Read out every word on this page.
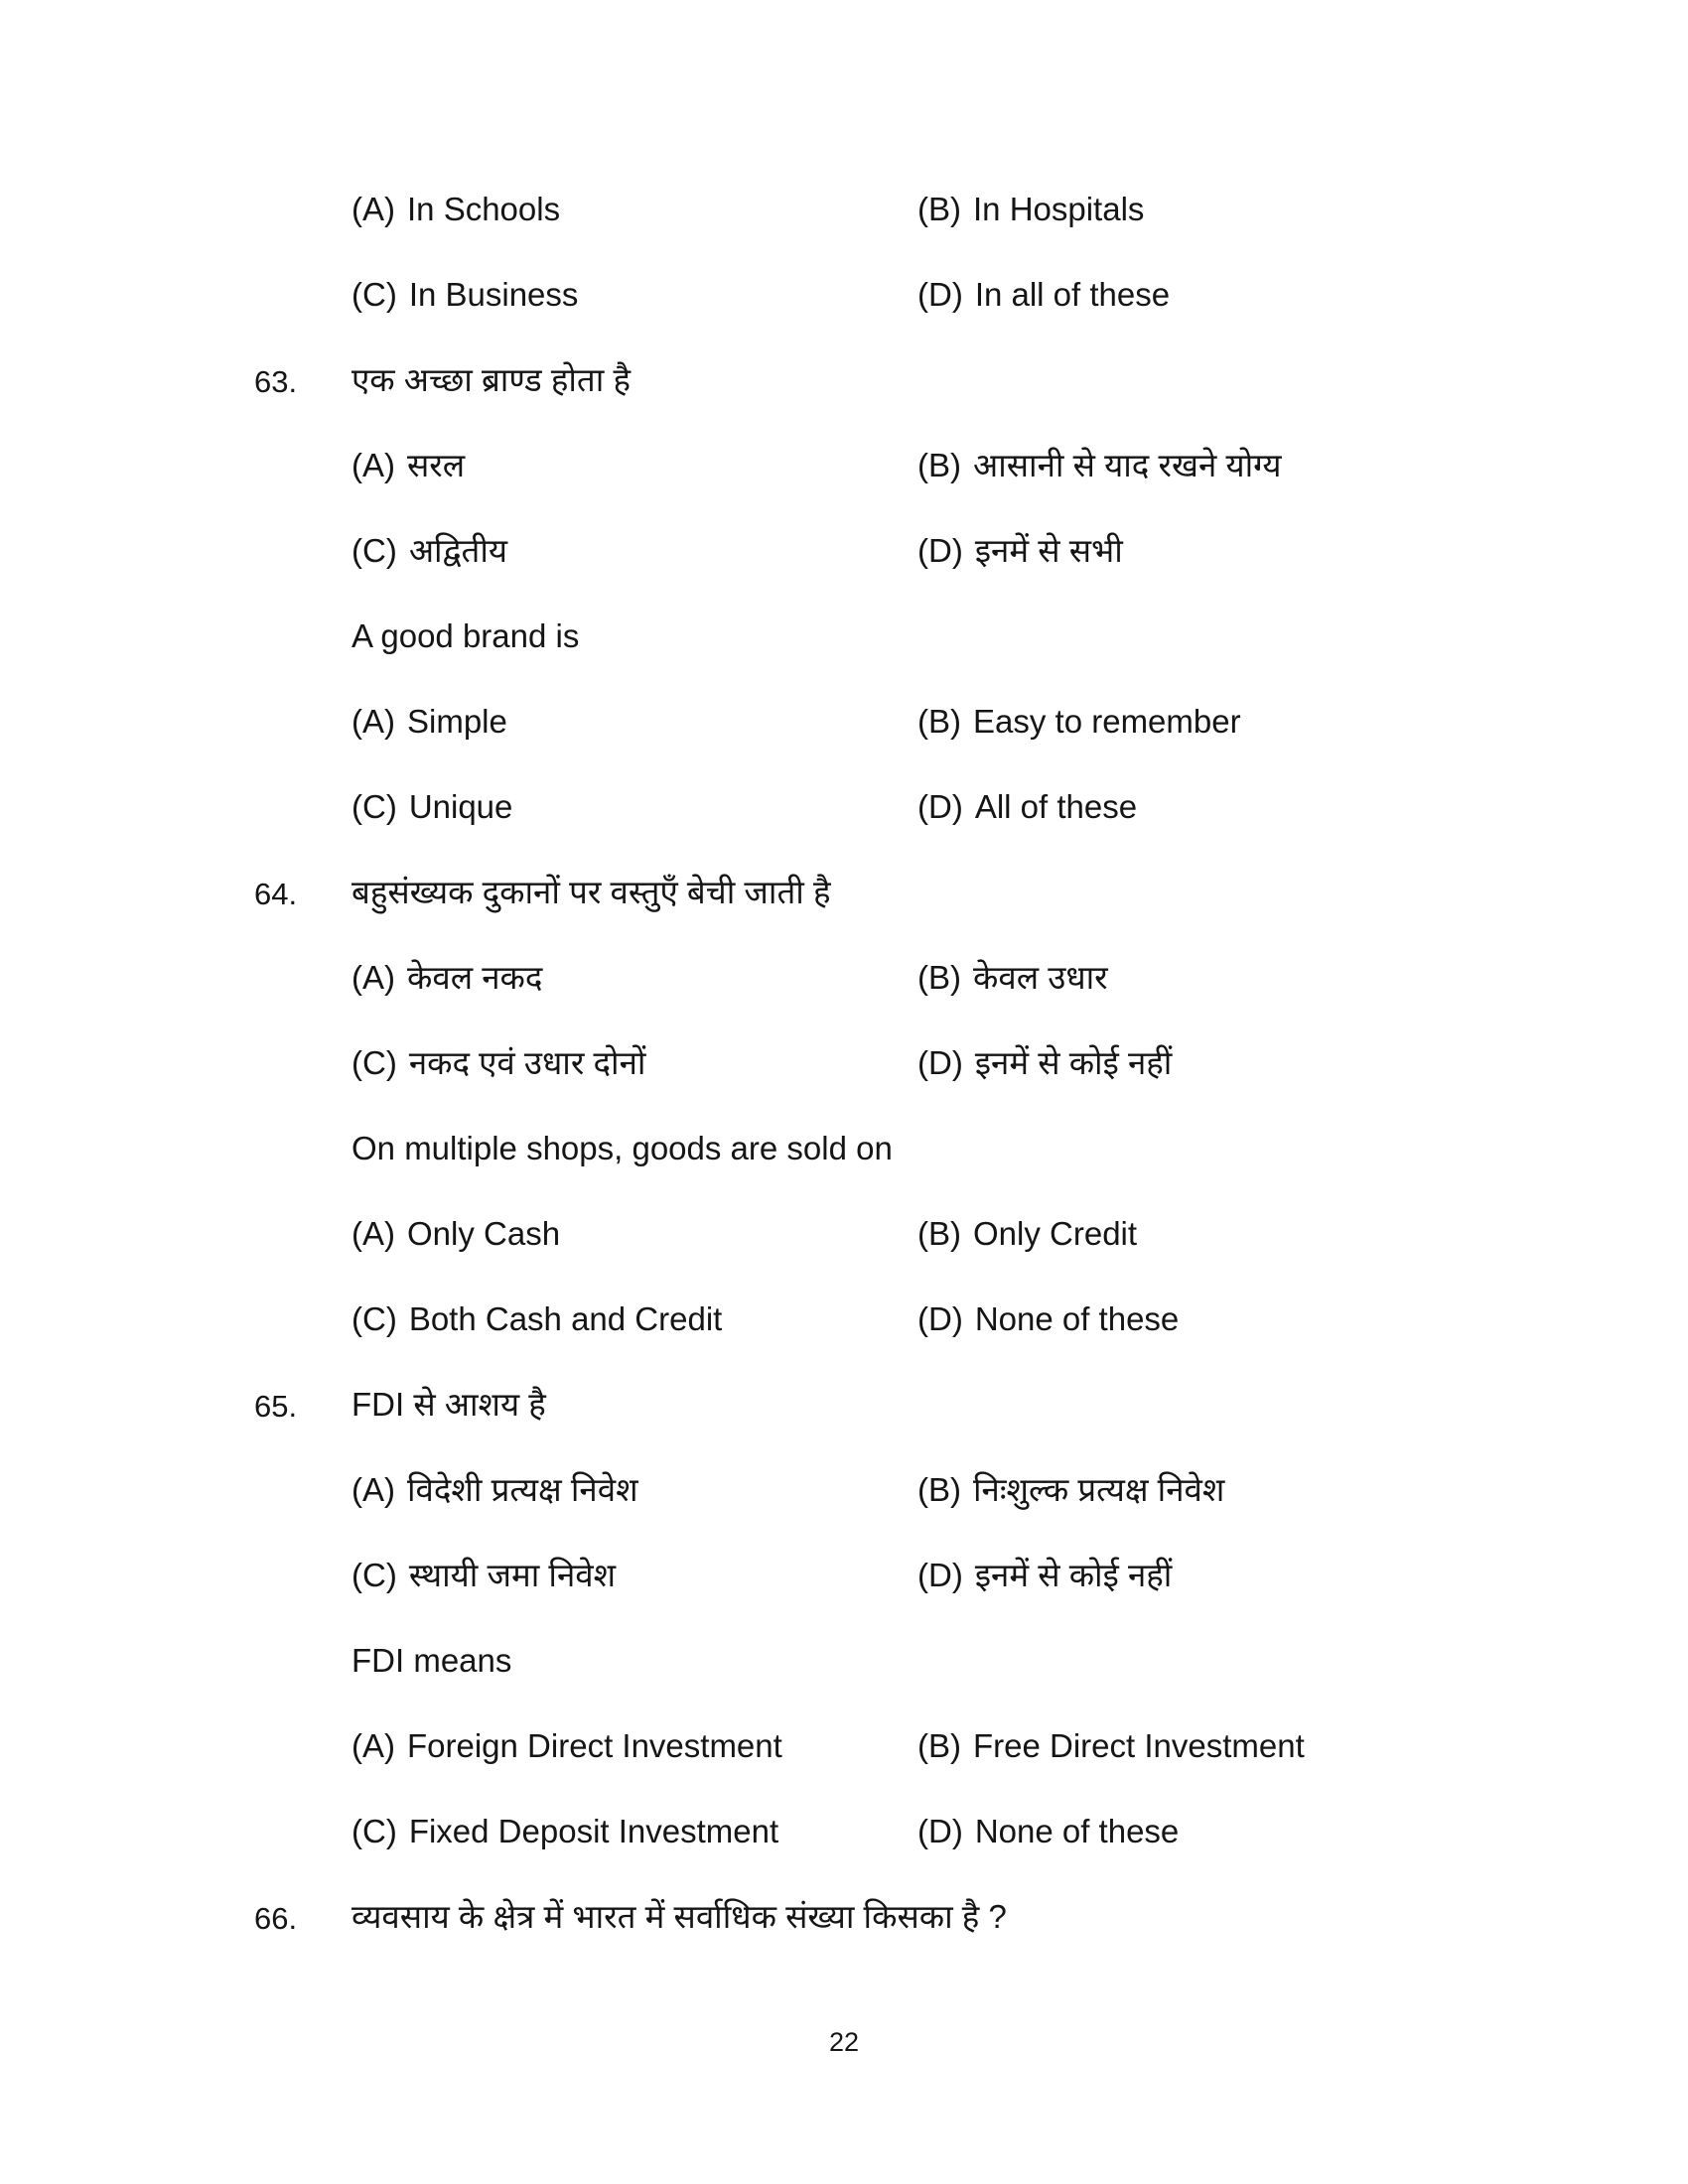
(A) In Schools	(B) In Hospitals
(C) In Business	(D) In all of these
63. एक अच्छा ब्राण्ड होता है
(A) सरल	(B) आसानी से याद रखने योग्य
(C) अद्वितीय	(D) इनमें से सभी
A good brand is
(A) Simple	(B) Easy to remember
(C) Unique	(D) All of these
64. बहुसंख्यक दुकानों पर वस्तुएँ बेची जाती है
(A) केवल नकद	(B) केवल उधार
(C) नकद एवं उधार दोनों	(D) इनमें से कोई नहीं
On multiple shops, goods are sold on
(A) Only Cash	(B) Only Credit
(C) Both Cash and Credit	(D) None of these
65. FDI से आशय है
(A) विदेशी प्रत्यक्ष निवेश	(B) निःशुल्क प्रत्यक्ष निवेश
(C) स्थायी जमा निवेश	(D) इनमें से कोई नहीं
FDI means
(A) Foreign Direct Investment	(B) Free Direct Investment
(C) Fixed Deposit Investment	(D) None of these
66. व्यवसाय के क्षेत्र में भारत में सर्वाधिक संख्या किसका है ?
22
